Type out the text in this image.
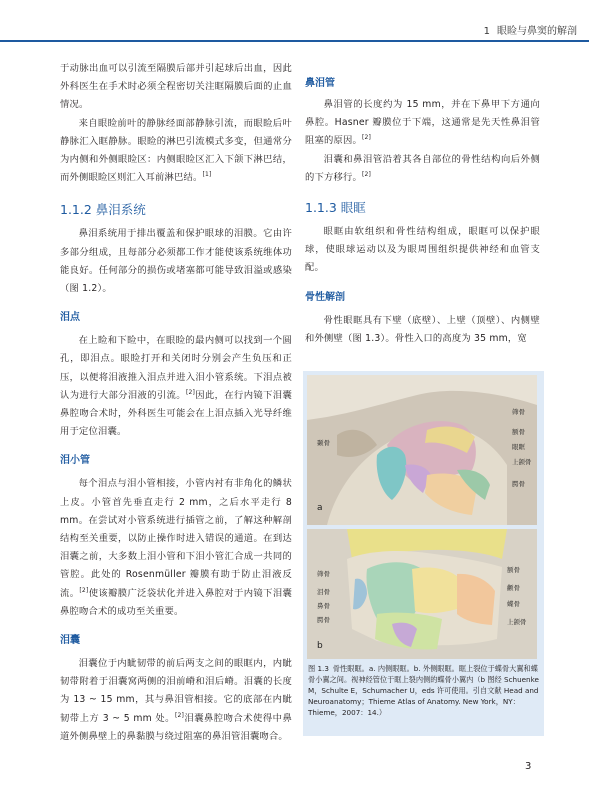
1 眼睑与鼻窦的解剖

于动脉出血可以引流至隔膜后部并引起球后出血，因此外科医生在手术时必须全程密切关注眶隔膜后面的止血情况。

来自眼睑前叶的静脉经面部静脉引流，而眼睑后叶静脉汇入眶静脉。眼睑的淋巴引流模式多变，但通常分为内侧和外侧眼睑区：内侧眼睑区汇入下颌下淋巴结，而外侧眼睑区则汇入耳前淋巴结。[1]

1.1.2 鼻泪系统

鼻泪系统用于排出覆盖和保护眼球的泪膜。它由许多部分组成，且每部分必须都工作才能使该系统维体功能良好。任何部分的损伤或堵塞都可能导致泪溢或感染（图 1.2）。

泪点

在上睑和下睑中，在眼睑的最内侧可以找到一个圆孔，即泪点。眼睑打开和关闭时分别会产生负压和正压，以便将泪液推入泪点并进入泪小管系统。下泪点被认为进行大部分泪液的引流。[2]因此，在行内镜下泪囊鼻腔吻合术时，外科医生可能会在上泪点插入光导纤维用于定位泪囊。

泪小管

每个泪点与泪小管相接，小管内衬有非角化的鳞状上皮。小管首先垂直走行 2 mm，之后水平走行 8 mm。在尝试对小管系统进行插管之前，了解这种解剖结构至关重要，以防止操作时进入错误的通道。在到达泪囊之前，大多数上泪小管和下泪小管汇合成一共同的管腔。此处的 Rosenmüller 瓣膜有助于防止泪液反流。[2]使该瓣膜广泛袋状化并进入鼻腔对于内镜下泪囊鼻腔吻合术的成功至关重要。

泪囊

泪囊位于内眦韧带的前后两支之间的眼眶内，内眦韧带附着于泪囊窝两侧的泪前嵴和泪后嵴。泪囊的长度为 13 ~ 15 mm，其与鼻泪管相接。它的底部在内眦韧带上方 3 ~ 5 mm 处。[2]泪囊鼻腔吻合术使得中鼻道外侧鼻壁上的鼻黏膜与绕过阻塞的鼻泪管泪囊吻合。

鼻泪管

鼻泪管的长度约为 15 mm，并在下鼻甲下方通向鼻腔。Hasner 瓣膜位于下端，这通常是先天性鼻泪管阻塞的原因。[2]

泪囊和鼻泪管沿着其各自部位的骨性结构向后外侧的下方移行。[2]

1.1.3 眼眶

眼眶由软组织和骨性结构组成，眼眶可以保护眼球，使眼球运动以及为眼周围组织提供神经和血管支配。

骨性解剖

骨性眼眶具有下壁（底壁）、上壁（顶壁）、内侧壁和外侧壁（图 1.3）。骨性入口的高度为 35 mm，宽

a
颞骨
筛骨
额骨
眼眶
上颌骨
腭骨
b
筛骨
泪骨
鼻骨
腭骨
额骨
颧骨
蝶骨
上颌骨
图 1.3 骨性眼眶。a. 内侧眼眶。b. 外侧眼眶。眶上裂位于蝶骨大翼和蝶骨小翼之间。视神经管位于眶上裂内侧的蝶骨小翼内（b 图经 Schuenke M，Schulte E，Schumacher U，eds 许可使用。引自文献 Head and Neuroanatomy；Thieme Atlas of Anatomy. New York，NY：Thieme，2007：14.）
3
